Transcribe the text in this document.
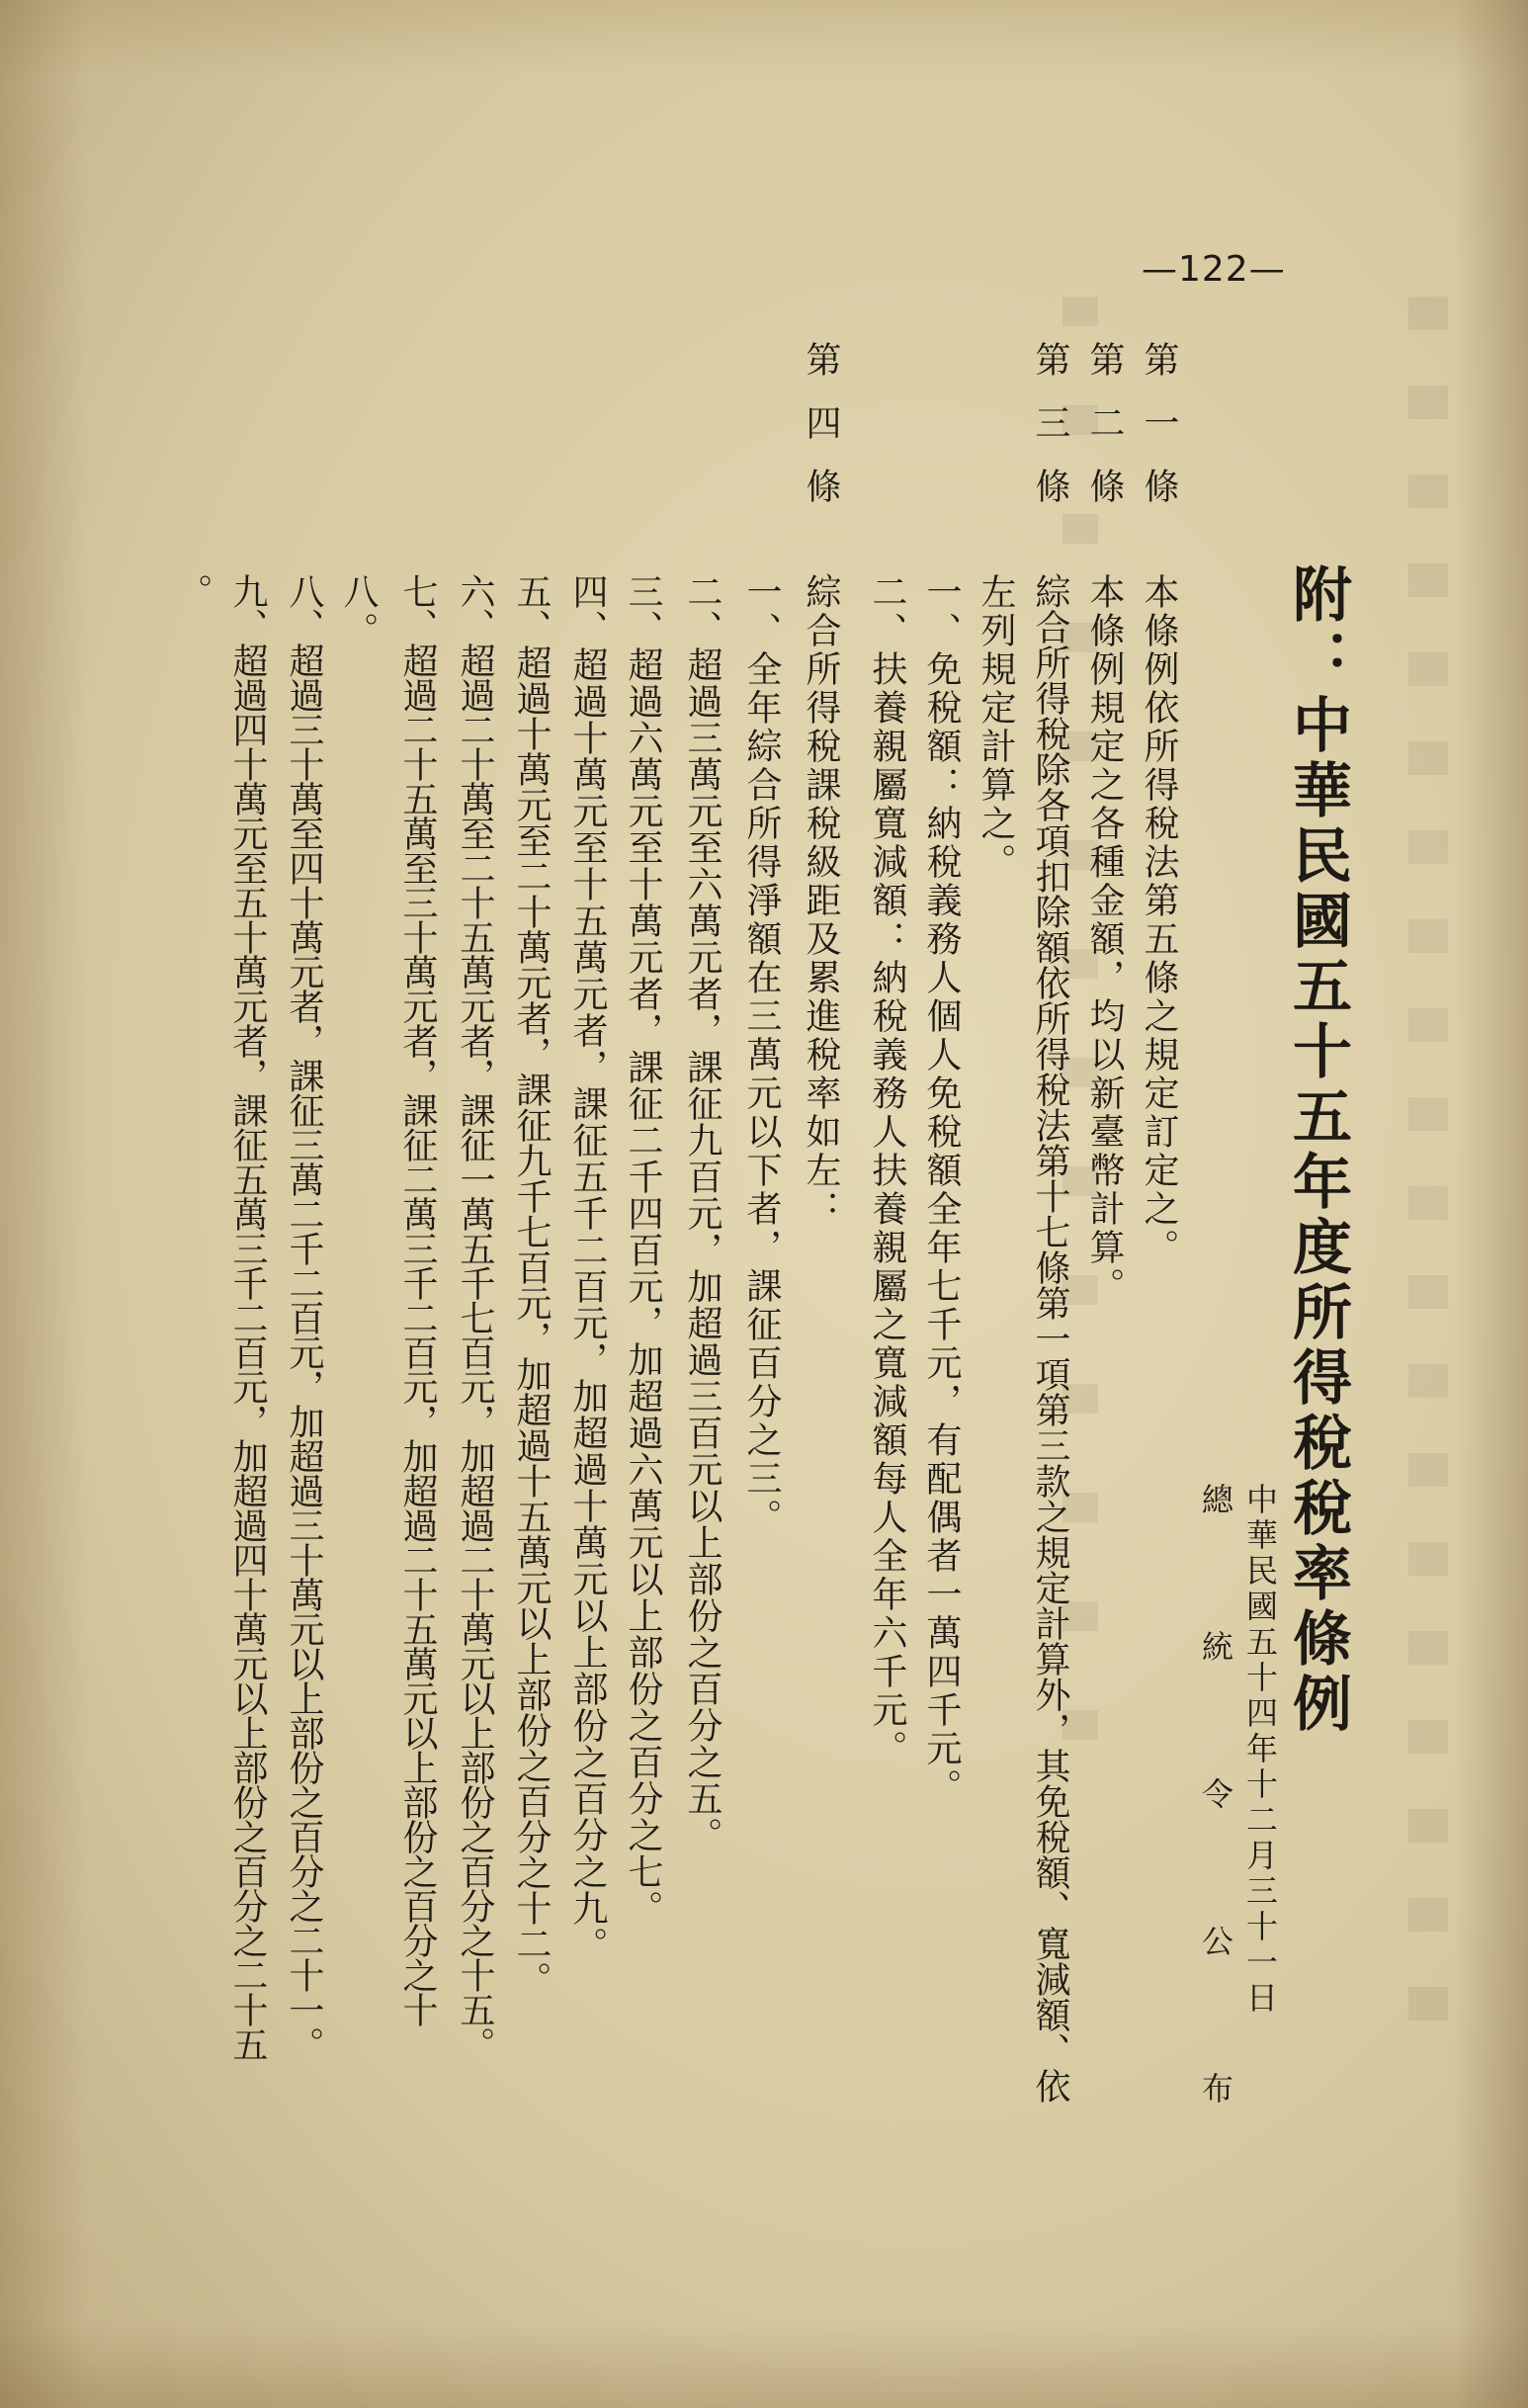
—122—
附：中華民國五十五年度所得稅稅率條例
中華民國五十四年十二月三十一日
總統令公布
第一條
本條例依所得稅法第五條之規定訂定之。
第二條
本條例規定之各種金額，均以新臺幣計算。
第三條
綜合所得稅除各項扣除額依所得稅法第十七條第一項第三款之規定計算外，其免稅額、寬減額、依
左列規定計算之。
一、免稅額：納稅義務人個人免稅額全年七千元，有配偶者一萬四千元。
二、扶養親屬寬減額：納稅義務人扶養親屬之寬減額每人全年六千元。
第四條
綜合所得稅課稅級距及累進稅率如左：
一、全年綜合所得淨額在三萬元以下者，課征百分之三。
二、超過三萬元至六萬元者，課征九百元，加超過三百元以上部份之百分之五。
三、超過六萬元至十萬元者，課征二千四百元，加超過六萬元以上部份之百分之七。
四、超過十萬元至十五萬元者，課征五千二百元，加超過十萬元以上部份之百分之九。
五、超過十萬元至二十萬元者，課征九千七百元，加超過十五萬元以上部份之百分之十二。
六、超過二十萬至二十五萬元者，課征一萬五千七百元，加超過二十萬元以上部份之百分之十五。
七、超過二十五萬至三十萬元者，課征二萬三千二百元，加超過二十五萬元以上部份之百分之十
八。
八、超過三十萬至四十萬元者，課征三萬二千二百元，加超過三十萬元以上部份之百分之二十一。
九、超過四十萬元至五十萬元者，課征五萬三千二百元，加超過四十萬元以上部份之百分之二十五
。
